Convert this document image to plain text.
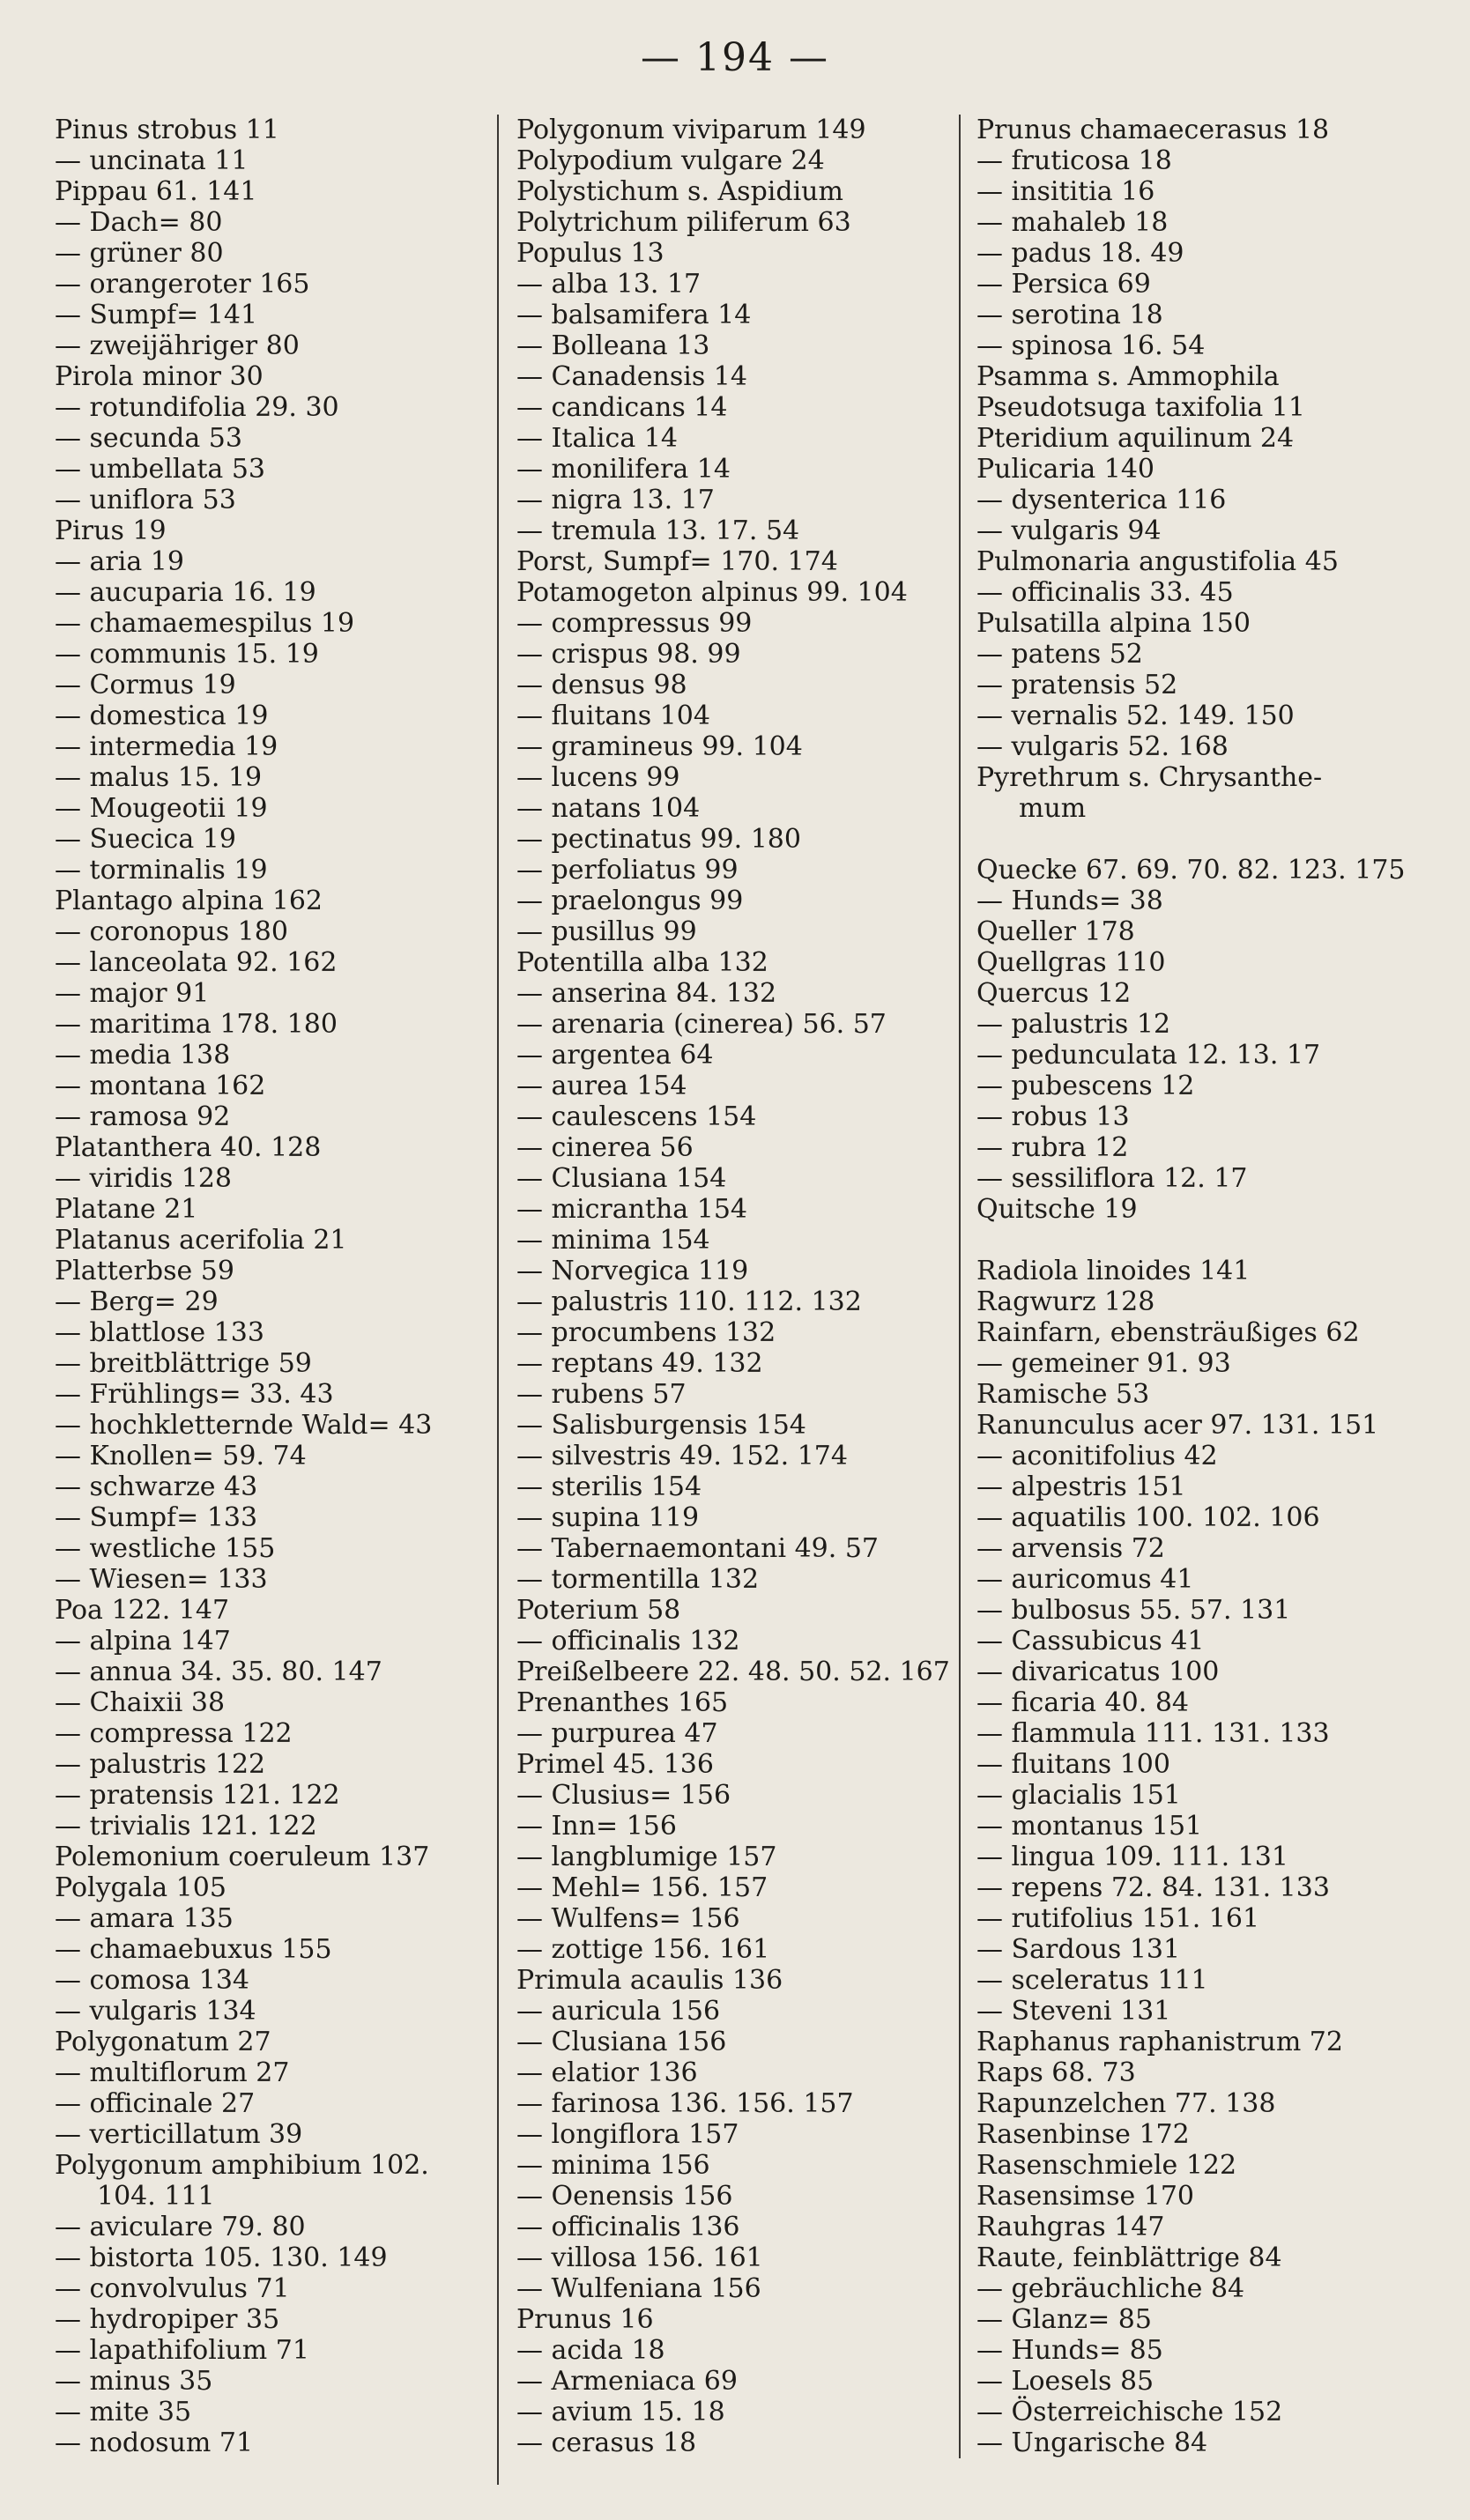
— 194 —
Pinus strobus 11
— uncinata 11
Pippau 61. 141
— Dach= 80
— grüner 80
— orangeroter 165
— Sumpf= 141
— zweijähriger 80
Pirola minor 30
— rotundifolia 29. 30
— secunda 53
— umbellata 53
— uniflora 53
Pirus 19
— aria 19
— aucuparia 16. 19
— chamaemespilus 19
— communis 15. 19
— Cormus 19
— domestica 19
— intermedia 19
— malus 15. 19
— Mougeotii 19
— Suecica 19
— torminalis 19
Plantago alpina 162
— coronopus 180
— lanceolata 92. 162
— major 91
— maritima 178. 180
— media 138
— montana 162
— ramosa 92
Platanthera 40. 128
— viridis 128
Platane 21
Platanus acerifolia 21
Platterbse 59
— Berg= 29
— blattlose 133
— breitblättrige 59
— Frühlings= 33. 43
— hochkletternde Wald= 43
— Knollen= 59. 74
— schwarze 43
— Sumpf= 133
— westliche 155
— Wiesen= 133
Poa 122. 147
— alpina 147
— annua 34. 35. 80. 147
— Chaixii 38
— compressa 122
— palustris 122
— pratensis 121. 122
— trivialis 121. 122
Polemonium coeruleum 137
Polygala 105
— amara 135
— chamaebuxus 155
— comosa 134
— vulgaris 134
Polygonatum 27
— multiflorum 27
— officinale 27
— verticillatum 39
Polygonum amphibium 102.
104. 111
— aviculare 79. 80
— bistorta 105. 130. 149
— convolvulus 71
— hydropiper 35
— lapathifolium 71
— minus 35
— mite 35
— nodosum 71
Polygonum viviparum 149
Polypodium vulgare 24
Polystichum s. Aspidium
Polytrichum piliferum 63
Populus 13
— alba 13. 17
— balsamifera 14
— Bolleana 13
— Canadensis 14
— candicans 14
— Italica 14
— monilifera 14
— nigra 13. 17
— tremula 13. 17. 54
Porst, Sumpf= 170. 174
Potamogeton alpinus 99. 104
— compressus 99
— crispus 98. 99
— densus 98
— fluitans 104
— gramineus 99. 104
— lucens 99
— natans 104
— pectinatus 99. 180
— perfoliatus 99
— praelongus 99
— pusillus 99
Potentilla alba 132
— anserina 84. 132
— arenaria (cinerea) 56. 57
— argentea 64
— aurea 154
— caulescens 154
— cinerea 56
— Clusiana 154
— micrantha 154
— minima 154
— Norvegica 119
— palustris 110. 112. 132
— procumbens 132
— reptans 49. 132
— rubens 57
— Salisburgensis 154
— silvestris 49. 152. 174
— sterilis 154
— supina 119
— Tabernaemontani 49. 57
— tormentilla 132
Poterium 58
— officinalis 132
Preißelbeere 22. 48. 50. 52. 167
Prenanthes 165
— purpurea 47
Primel 45. 136
— Clusius= 156
— Inn= 156
— langblumige 157
— Mehl= 156. 157
— Wulfens= 156
— zottige 156. 161
Primula acaulis 136
— auricula 156
— Clusiana 156
— elatior 136
— farinosa 136. 156. 157
— longiflora 157
— minima 156
— Oenensis 156
— officinalis 136
— villosa 156. 161
— Wulfeniana 156
Prunus 16
— acida 18
— Armeniaca 69
— avium 15. 18
— cerasus 18
Prunus chamaecerasus 18
— fruticosa 18
— insititia 16
— mahaleb 18
— padus 18. 49
— Persica 69
— serotina 18
— spinosa 16. 54
Psamma s. Ammophila
Pseudotsuga taxifolia 11
Pteridium aquilinum 24
Pulicaria 140
— dysenterica 116
— vulgaris 94
Pulmonaria angustifolia 45
— officinalis 33. 45
Pulsatilla alpina 150
— patens 52
— pratensis 52
— vernalis 52. 149. 150
— vulgaris 52. 168
Pyrethrum s. Chrysanthe-
mum
Quecke 67. 69. 70. 82. 123. 175
— Hunds= 38
Queller 178
Quellgras 110
Quercus 12
— palustris 12
— pedunculata 12. 13. 17
— pubescens 12
— robus 13
— rubra 12
— sessiliflora 12. 17
Quitsche 19
Radiola linoides 141
Ragwurz 128
Rainfarn, ebensträußiges 62
— gemeiner 91. 93
Ramische 53
Ranunculus acer 97. 131. 151
— aconitifolius 42
— alpestris 151
— aquatilis 100. 102. 106
— arvensis 72
— auricomus 41
— bulbosus 55. 57. 131
— Cassubicus 41
— divaricatus 100
— ficaria 40. 84
— flammula 111. 131. 133
— fluitans 100
— glacialis 151
— montanus 151
— lingua 109. 111. 131
— repens 72. 84. 131. 133
— rutifolius 151. 161
— Sardous 131
— sceleratus 111
— Steveni 131
Raphanus raphanistrum 72
Raps 68. 73
Rapunzelchen 77. 138
Rasenbinse 172
Rasenschmiele 122
Rasensimse 170
Rauhgras 147
Raute, feinblättrige 84
— gebräuchliche 84
— Glanz= 85
— Hunds= 85
— Loesels 85
— Österreichische 152
— Ungarische 84
